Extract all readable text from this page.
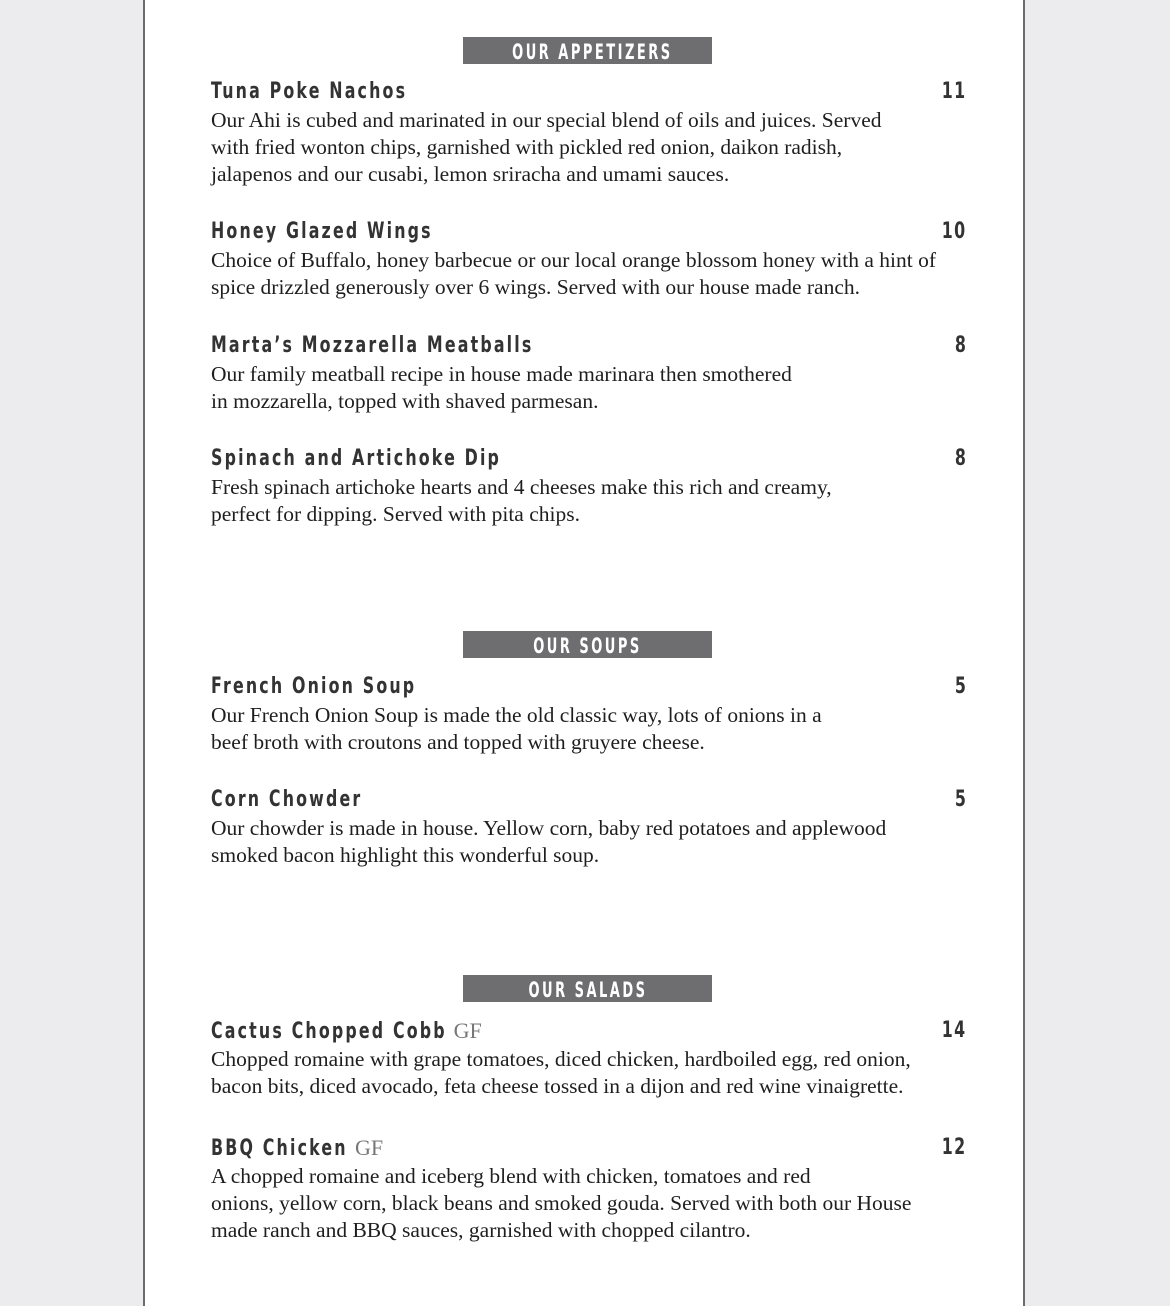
OUR APPETIZERS
Tuna Poke Nachos	11

Our Ahi is cubed and marinated in our special blend of oils and juices. Served
with fried wonton chips, garnished with pickled red onion, daikon radish,
jalapenos and our cusabi, lemon sriracha and umami sauces.

Honey Glazed Wings	10

Choice of Buffalo, honey barbecue or our local orange blossom honey with a hint of
spice drizzled generously over 6 wings. Served with our house made ranch.

Marta’s Mozzarella Meatballs	8

Our family meatball recipe in house made marinara then smothered
in mozzarella, topped with shaved parmesan.

Spinach and Artichoke Dip	8

Fresh spinach artichoke hearts and 4 cheeses make this rich and creamy,
perfect for dipping. Served with pita chips.

OUR SOUPS
French Onion Soup	5

Our French Onion Soup is made the old classic way, lots of onions in a
beef broth with croutons and topped with gruyere cheese.

Corn Chowder	5

Our chowder is made in house. Yellow corn, baby red potatoes and applewood
smoked bacon highlight this wonderful soup.

OUR SALADS
Cactus Chopped Cobb GF	14

Chopped romaine with grape tomatoes, diced chicken, hardboiled egg, red onion,
bacon bits, diced avocado, feta cheese tossed in a dijon and red wine vinaigrette.

BBQ Chicken GF	12

A chopped romaine and iceberg blend with chicken, tomatoes and red
onions, yellow corn, black beans and smoked gouda. Served with both our House
made ranch and BBQ sauces, garnished with chopped cilantro.
